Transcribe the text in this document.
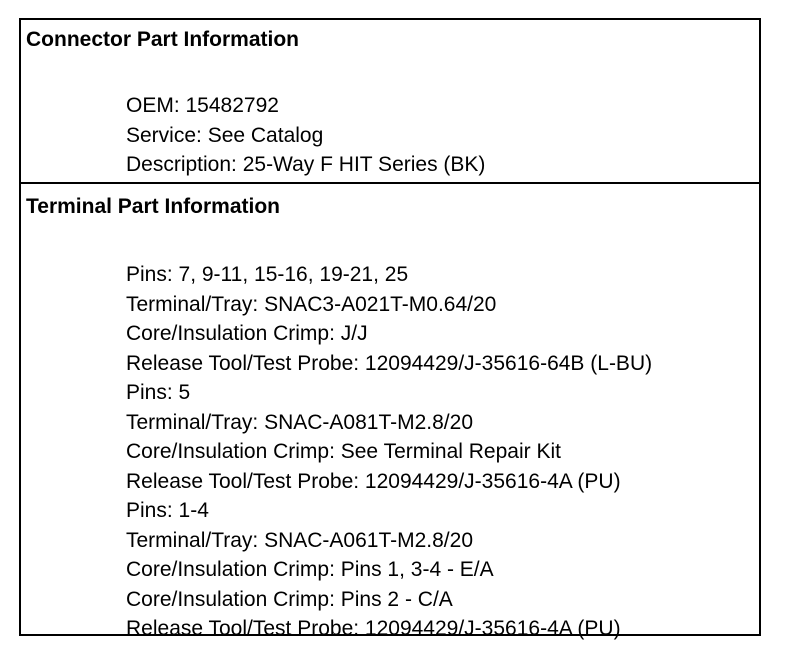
Connector Part Information
OEM: 15482792
Service: See Catalog
Description: 25-Way F HIT Series (BK)
Terminal Part Information
Pins: 7, 9-11, 15-16, 19-21, 25
Terminal/Tray: SNAC3-A021T-M0.64/20
Core/Insulation Crimp: J/J
Release Tool/Test Probe: 12094429/J-35616-64B (L-BU)
Pins: 5
Terminal/Tray: SNAC-A081T-M2.8/20
Core/Insulation Crimp: See Terminal Repair Kit
Release Tool/Test Probe: 12094429/J-35616-4A (PU)
Pins: 1-4
Terminal/Tray: SNAC-A061T-M2.8/20
Core/Insulation Crimp: Pins 1, 3-4 - E/A
Core/Insulation Crimp: Pins 2 - C/A
Release Tool/Test Probe: 12094429/J-35616-4A (PU)
